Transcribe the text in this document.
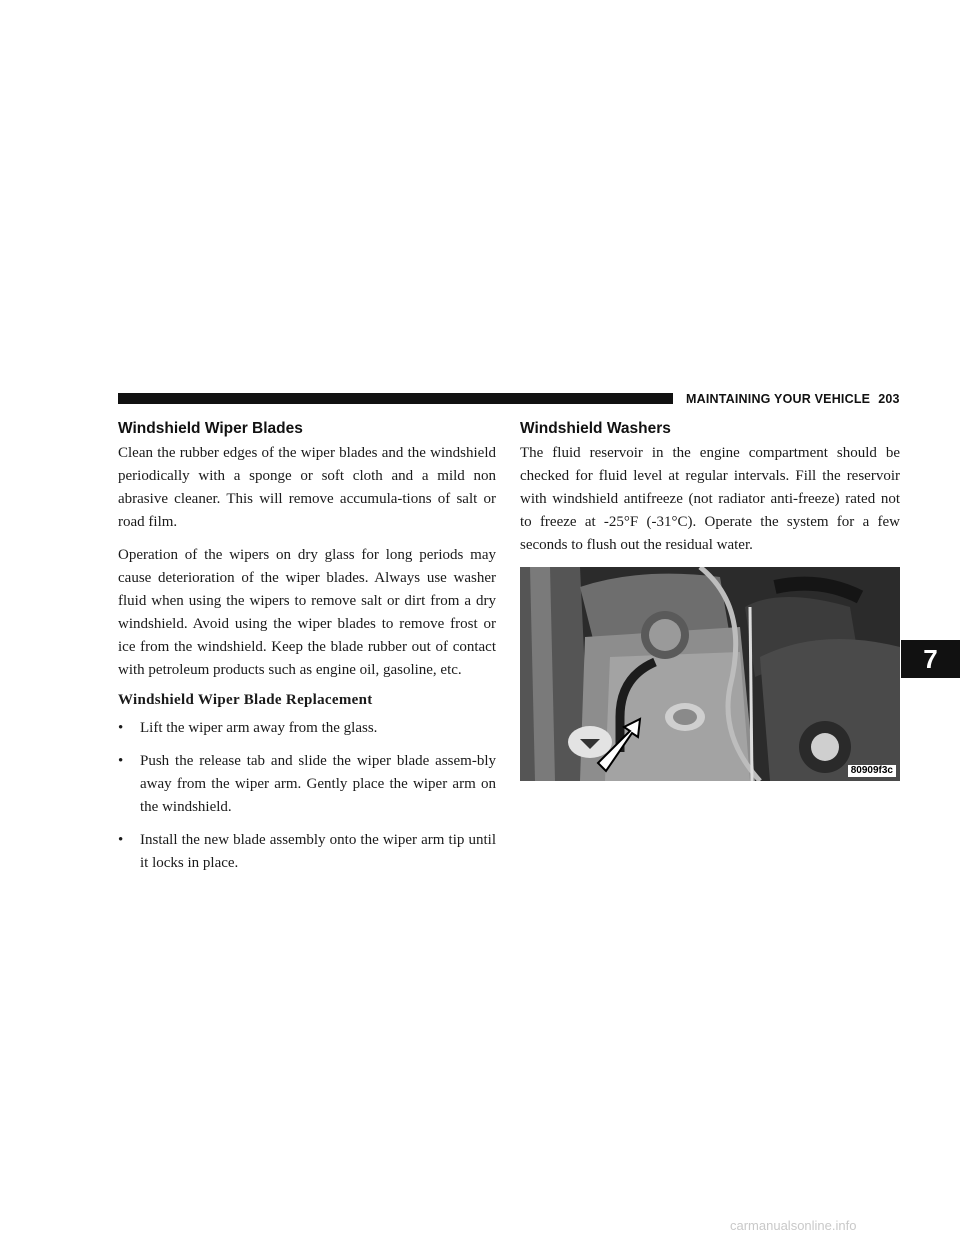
MAINTAINING YOUR VEHICLE 203
Windshield Wiper Blades

Clean the rubber edges of the wiper blades and the windshield periodically with a sponge or soft cloth and a mild non abrasive cleaner. This will remove accumula-tions of salt or road film.

Operation of the wipers on dry glass for long periods may cause deterioration of the wiper blades. Always use washer fluid when using the wipers to remove salt or dirt from a dry windshield. Avoid using the wiper blades to remove frost or ice from the windshield. Keep the blade rubber out of contact with petroleum products such as engine oil, gasoline, etc.

Windshield Wiper Blade Replacement
• Lift the wiper arm away from the glass.
• Push the release tab and slide the wiper blade assem-bly away from the wiper arm. Gently place the wiper arm on the windshield.
• Install the new blade assembly onto the wiper arm tip until it locks in place.
Windshield Washers

The fluid reservoir in the engine compartment should be checked for fluid level at regular intervals. Fill the reservoir with windshield antifreeze (not radiator anti-freeze) rated not to freeze at -25°F (-31°C). Operate the system for a few seconds to flush out the residual water.

80909f3c
7
carmanualsonline.info
